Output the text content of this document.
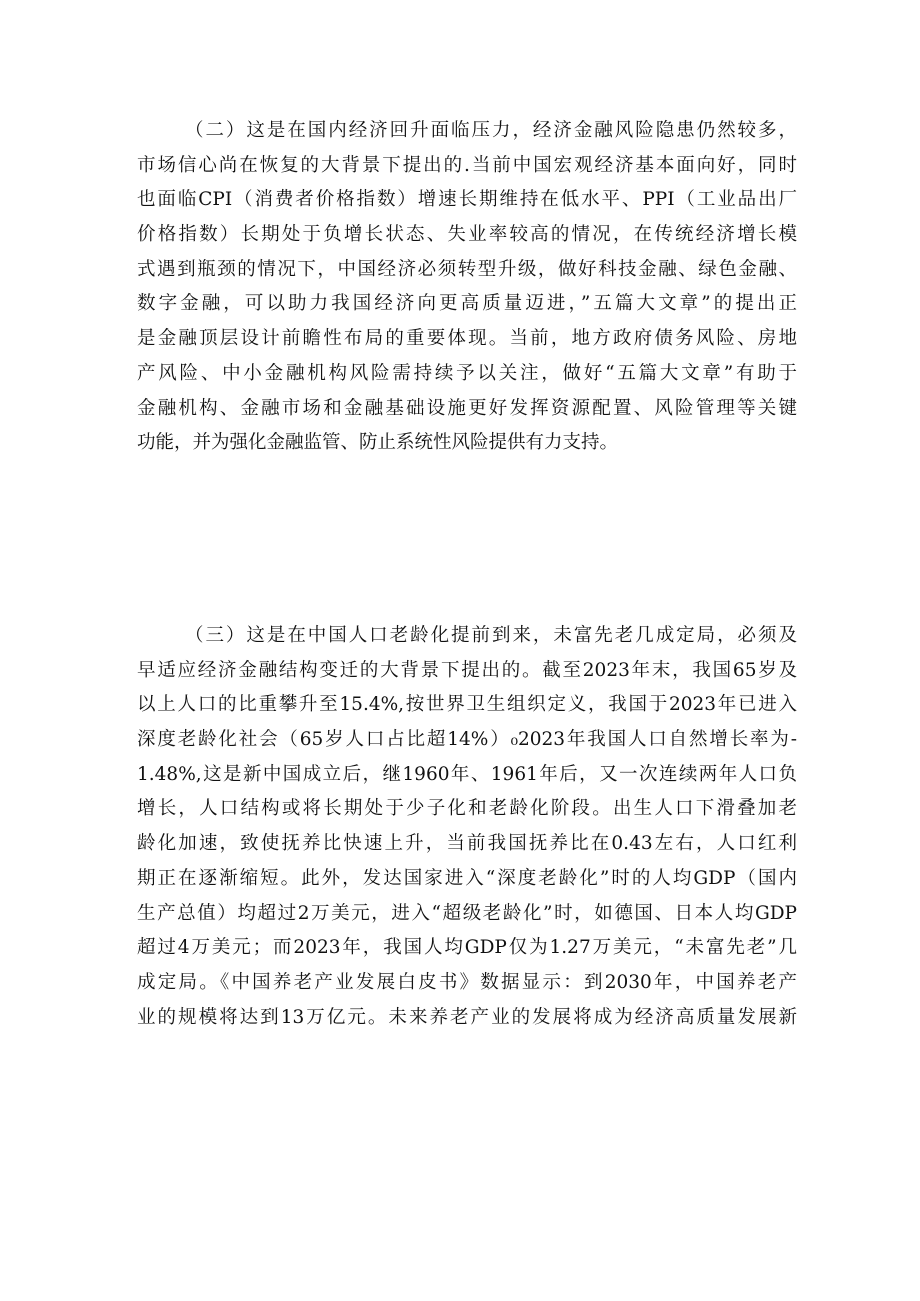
（二）这是在国内经济回升面临压力，经济金融风险隐患仍然较多，
市场信心尚在恢复的大背景下提出的.当前中国宏观经济基本面向好，同时
也面临CPI（消费者价格指数）增速长期维持在低水平、PPI（工业品出厂
价格指数）长期处于负增长状态、失业率较高的情况，在传统经济增长模
式遇到瓶颈的情况下，中国经济必须转型升级，做好科技金融、绿色金融、
数字金融，可以助力我国经济向更高质量迈进，”五篇大文章”的提出正
是金融顶层设计前瞻性布局的重要体现。当前，地方政府债务风险、房地
产风险、中小金融机构风险需持续予以关注，做好“五篇大文章”有助于
金融机构、金融市场和金融基础设施更好发挥资源配置、风险管理等关键
功能，并为强化金融监管、防止系统性风险提供有力支持。
（三）这是在中国人口老龄化提前到来，未富先老几成定局，必须及
早适应经济金融结构变迁的大背景下提出的。截至2023年末，我国65岁及
以上人口的比重攀升至15.4%,按世界卫生组织定义，我国于2023年已进入
深度老龄化社会（65岁人口占比超14%）₀2023年我国人口自然增长率为-
1.48%,这是新中国成立后，继1960年、1961年后，又一次连续两年人口负
增长，人口结构或将长期处于少子化和老龄化阶段。出生人口下滑叠加老
龄化加速，致使抚养比快速上升，当前我国抚养比在0.43左右，人口红利
期正在逐渐缩短。此外，发达国家进入“深度老龄化”时的人均GDP（国内
生产总值）均超过2万美元，进入“超级老龄化”时，如德国、日本人均GDP
超过4万美元；而2023年，我国人均GDP仅为1.27万美元，“未富先老”几
成定局。《中国养老产业发展白皮书》数据显示：到2030年，中国养老产
业的规模将达到13万亿元。未来养老产业的发展将成为经济高质量发展新
